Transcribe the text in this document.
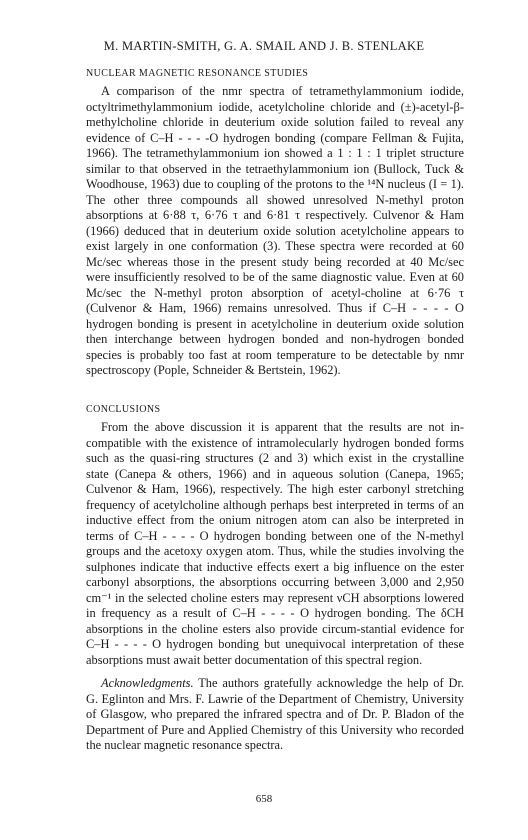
M. MARTIN-SMITH, G. A. SMAIL AND J. B. STENLAKE
NUCLEAR MAGNETIC RESONANCE STUDIES

A comparison of the nmr spectra of tetramethylammonium iodide, octyltrimethylammonium iodide, acetylcholine chloride and (±)-acetyl-β-methylcholine chloride in deuterium oxide solution failed to reveal any evidence of C–H - - - -O hydrogen bonding (compare Fellman & Fujita, 1966). The tetramethylammonium ion showed a 1 : 1 : 1 triplet structure similar to that observed in the tetraethylammonium ion (Bullock, Tuck & Woodhouse, 1963) due to coupling of the protons to the ¹⁴N nucleus (I = 1). The other three compounds all showed unresolved N-methyl proton absorptions at 6·88 τ, 6·76 τ and 6·81 τ respectively. Culvenor & Ham (1966) deduced that in deuterium oxide solution acetylcholine appears to exist largely in one conformation (3). These spectra were recorded at 60 Mc/sec whereas those in the present study being recorded at 40 Mc/sec were insufficiently resolved to be of the same diagnostic value. Even at 60 Mc/sec the N-methyl proton absorption of acetyl-choline at 6·76 τ (Culvenor & Ham, 1966) remains unresolved. Thus if C–H - - - - O hydrogen bonding is present in acetylcholine in deuterium oxide solution then interchange between hydrogen bonded and non-hydrogen bonded species is probably too fast at room temperature to be detectable by nmr spectroscopy (Pople, Schneider & Bertstein, 1962).

CONCLUSIONS

From the above discussion it is apparent that the results are not in-compatible with the existence of intramolecularly hydrogen bonded forms such as the quasi-ring structures (2 and 3) which exist in the crystalline state (Canepa & others, 1966) and in aqueous solution (Canepa, 1965; Culvenor & Ham, 1966), respectively. The high ester carbonyl stretching frequency of acetylcholine although perhaps best interpreted in terms of an inductive effect from the onium nitrogen atom can also be interpreted in terms of C–H - - - - O hydrogen bonding between one of the N-methyl groups and the acetoxy oxygen atom. Thus, while the studies involving the sulphones indicate that inductive effects exert a big influence on the ester carbonyl absorptions, the absorptions occurring between 3,000 and 2,950 cm⁻¹ in the selected choline esters may represent νCH absorptions lowered in frequency as a result of C–H - - - - O hydrogen bonding. The δCH absorptions in the choline esters also provide circum-stantial evidence for C–H - - - - O hydrogen bonding but unequivocal interpretation of these absorptions must await better documentation of this spectral region.

Acknowledgments. The authors gratefully acknowledge the help of Dr. G. Eglinton and Mrs. F. Lawrie of the Department of Chemistry, University of Glasgow, who prepared the infrared spectra and of Dr. P. Bladon of the Department of Pure and Applied Chemistry of this University who recorded the nuclear magnetic resonance spectra.

658
